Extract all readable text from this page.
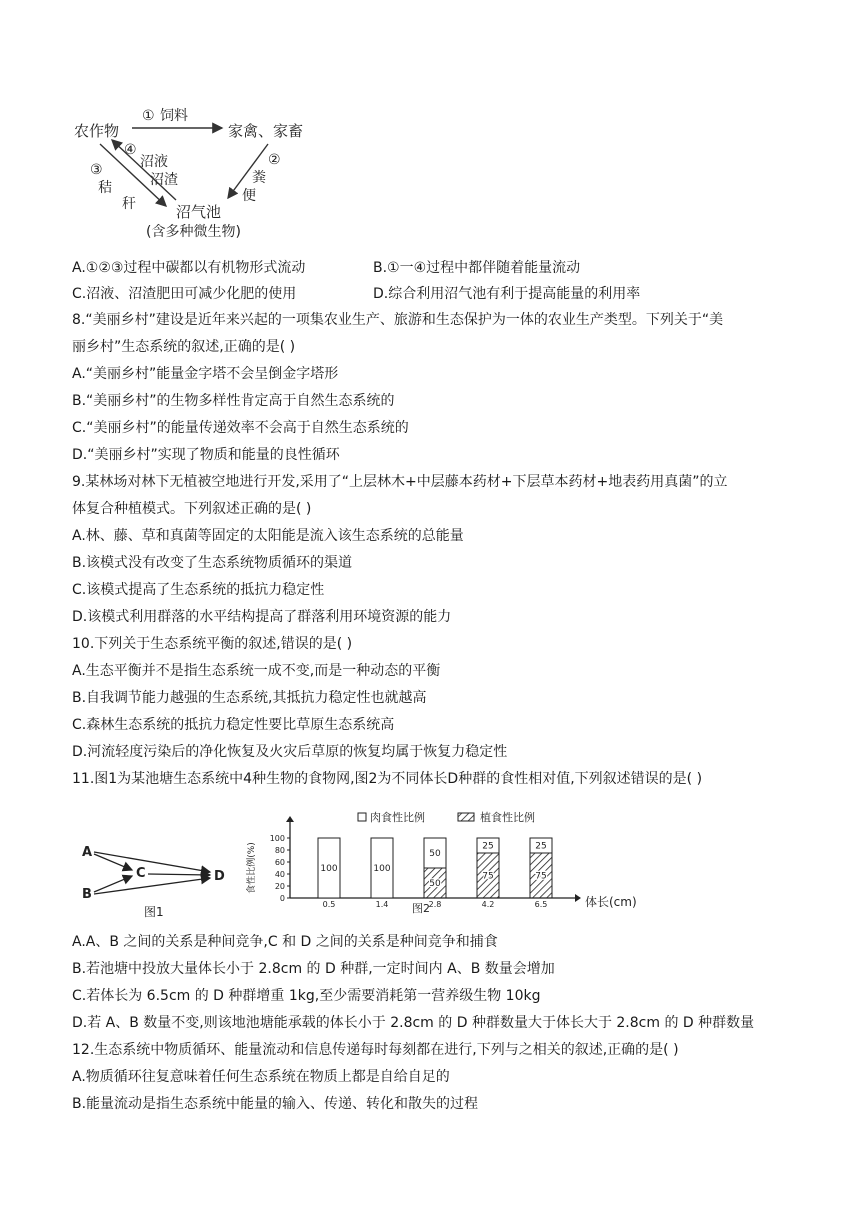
农作物	家禽、家畜
沼气池
(含多种微生物)
① 饲料
②
粪
便
③
秸
秆
④
沼液
沼渣
A.①②③过程中碳都以有机物形式流动	B.①一④过程中都伴随着能量流动
C.沼液、沼渣肥田可减少化肥的使用	D.综合利用沼气池有利于提高能量的利用率
8.“美丽乡村”建设是近年来兴起的一项集农业生产、旅游和生态保护为一体的农业生产类型。下列关于“美
丽乡村”生态系统的叙述,正确的是( )
A.“美丽乡村”能量金字塔不会呈倒金字塔形
B.“美丽乡村”的生物多样性肯定高于自然生态系统的
C.“美丽乡村”的能量传递效率不会高于自然生态系统的
D.“美丽乡村”实现了物质和能量的良性循环
9.某林场对林下无植被空地进行开发,采用了“上层林木+中层藤本药材+下层草本药材+地表药用真菌”的立
体复合种植模式。下列叙述正确的是( )
A.林、藤、草和真菌等固定的太阳能是流入该生态系统的总能量
B.该模式没有改变了生态系统物质循环的渠道
C.该模式提高了生态系统的抵抗力稳定性
D.该模式利用群落的水平结构提高了群落利用环境资源的能力
10.下列关于生态系统平衡的叙述,错误的是( )
A.生态平衡并不是指生态系统一成不变,而是一种动态的平衡
B.自我调节能力越强的生态系统,其抵抗力稳定性也就越高
C.森林生态系统的抵抗力稳定性要比草原生态系统高
D.河流轻度污染后的净化恢复及火灾后草原的恢复均属于恢复力稳定性
11.图1为某池塘生态系统中4种生物的食物网,图2为不同体长D种群的食性相对值,下列叙述错误的是( )
A
B
C	D
图1
0
20
40
60
80
100
食性比例(%)
体长(cm)
100
0.5
100
1.4
50
50
2.8
75
25
4.2
75
25
6.5
肉食性比例	植食性比例
图2
A.A、B 之间的关系是种间竞争,C 和 D 之间的关系是种间竞争和捕食
B.若池塘中投放大量体长小于 2.8cm 的 D 种群,一定时间内 A、B 数量会增加
C.若体长为 6.5cm 的 D 种群增重 1kg,至少需要消耗第一营养级生物 10kg
D.若 A、B 数量不变,则该地池塘能承载的体长小于 2.8cm 的 D 种群数量大于体长大于 2.8cm 的 D 种群数量
12.生态系统中物质循环、能量流动和信息传递每时每刻都在进行,下列与之相关的叙述,正确的是( )
A.物质循环往复意味着任何生态系统在物质上都是自给自足的
B.能量流动是指生态系统中能量的输入、传递、转化和散失的过程
